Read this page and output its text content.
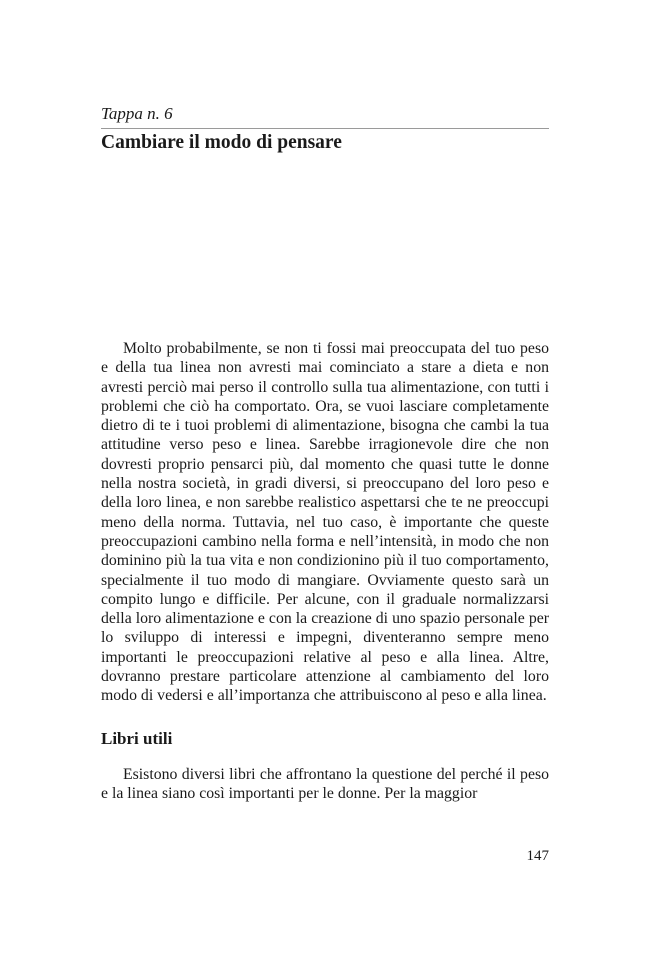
Tappa n. 6

Cambiare il modo di pensare

Molto probabilmente, se non ti fossi mai preoccupata del tuo peso e della tua linea non avresti mai cominciato a stare a dieta e non avresti perciò mai perso il controllo sulla tua alimentazione, con tutti i problemi che ciò ha comportato. Ora, se vuoi lasciare completamente dietro di te i tuoi problemi di alimentazione, bisogna che cambi la tua attitudine verso peso e linea. Sarebbe irragionevole dire che non dovresti proprio pensarci più, dal momento che quasi tutte le donne nella nostra società, in gradi diversi, si preoccupano del loro peso e della loro linea, e non sarebbe realistico aspettarsi che te ne preoccupi meno della norma. Tuttavia, nel tuo caso, è importante che queste preoccupazioni cambino nella forma e nell’intensità, in modo che non dominino più la tua vita e non condizionino più il tuo comportamento, specialmente il tuo modo di mangiare. Ovviamente questo sarà un compito lungo e difficile. Per alcune, con il graduale normalizzarsi della loro alimentazione e con la creazione di uno spazio personale per lo sviluppo di interessi e impegni, diventeranno sempre meno importanti le preoccupazioni relative al peso e alla linea. Altre, dovranno prestare particolare attenzione al cambiamento del loro modo di vedersi e all’importanza che attribuiscono al peso e alla linea.

Libri utili

Esistono diversi libri che affrontano la questione del perché il peso e la linea siano così importanti per le donne. Per la maggior

147
